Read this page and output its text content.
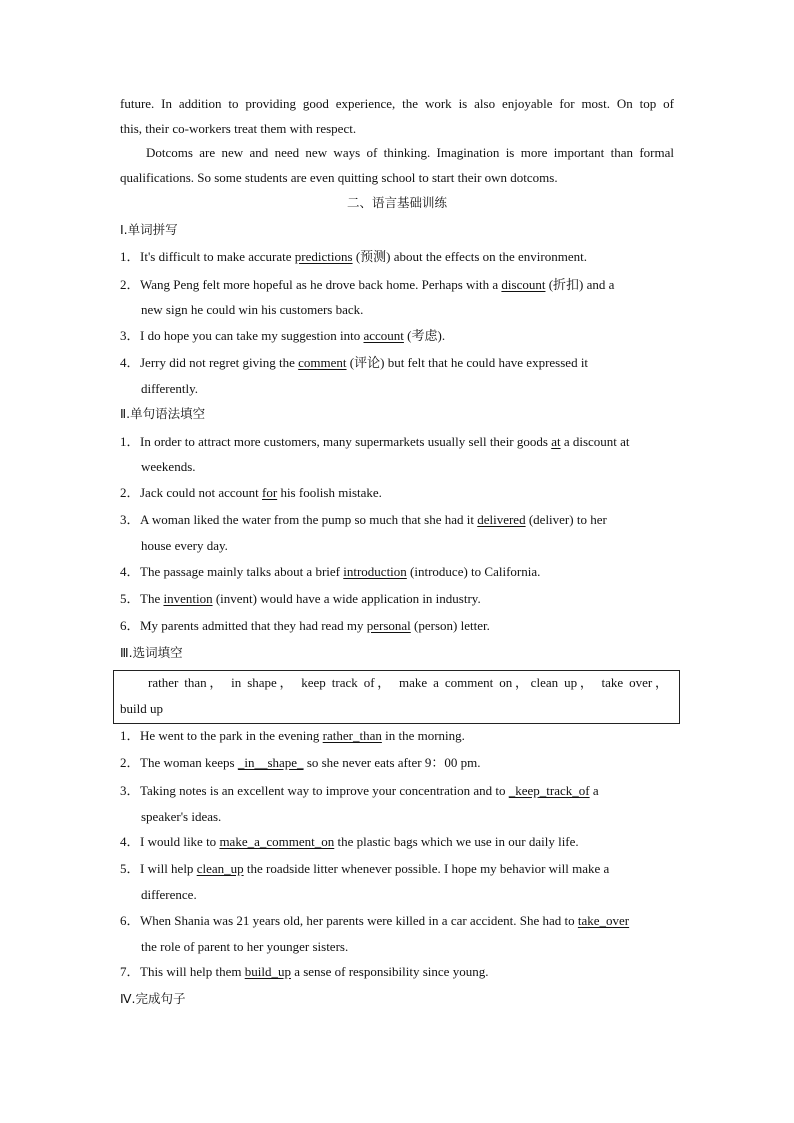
future. In addition to providing good experience, the work is also enjoyable for most. On top of
this, their co-workers treat them with respect.
Dotcoms are new and need new ways of thinking. Imagination is more important than formal
qualifications. So some students are even quitting school to start their own dotcoms.
二、语言基础训练
Ⅰ.单词拼写
1．It's difficult to make accurate predictions (预测) about the effects on the environment.
2．Wang Peng felt more hopeful as he drove back home. Perhaps with a discount (折扣) and a
new sign he could win his customers back.
3．I do hope you can take my suggestion into account (考虑).
4．Jerry did not regret giving the comment (评论) but felt that he could have expressed it
differently.
Ⅱ.单句语法填空
1．In order to attract more customers, many supermarkets usually sell their goods at a discount at
weekends.
2．Jack could not account for his foolish mistake.
3．A woman liked the water from the pump so much that she had it delivered (deliver) to her
house every day.
4．The passage mainly talks about a brief introduction (introduce) to California.
5．The invention (invent) would have a wide application in industry.
6．My parents admitted that they had read my personal (person) letter.
Ⅲ.选词填空
rather than， in shape， keep track of， make a comment on，clean up， take over，
build up
1．He went to the park in the evening rather_than in the morning.
2．The woman keeps _in__shape_ so she never eats after 9：00 pm.
3．Taking notes is an excellent way to improve your concentration and to _keep_track_of a
speaker's ideas.
4．I would like to make_a_comment_on the plastic bags which we use in our daily life.
5．I will help clean_up the roadside litter whenever possible. I hope my behavior will make a
difference.
6．When Shania was 21 years old, her parents were killed in a car accident. She had to take_over
the role of parent to her younger sisters.
7．This will help them build_up a sense of responsibility since young.
Ⅳ.完成句子
